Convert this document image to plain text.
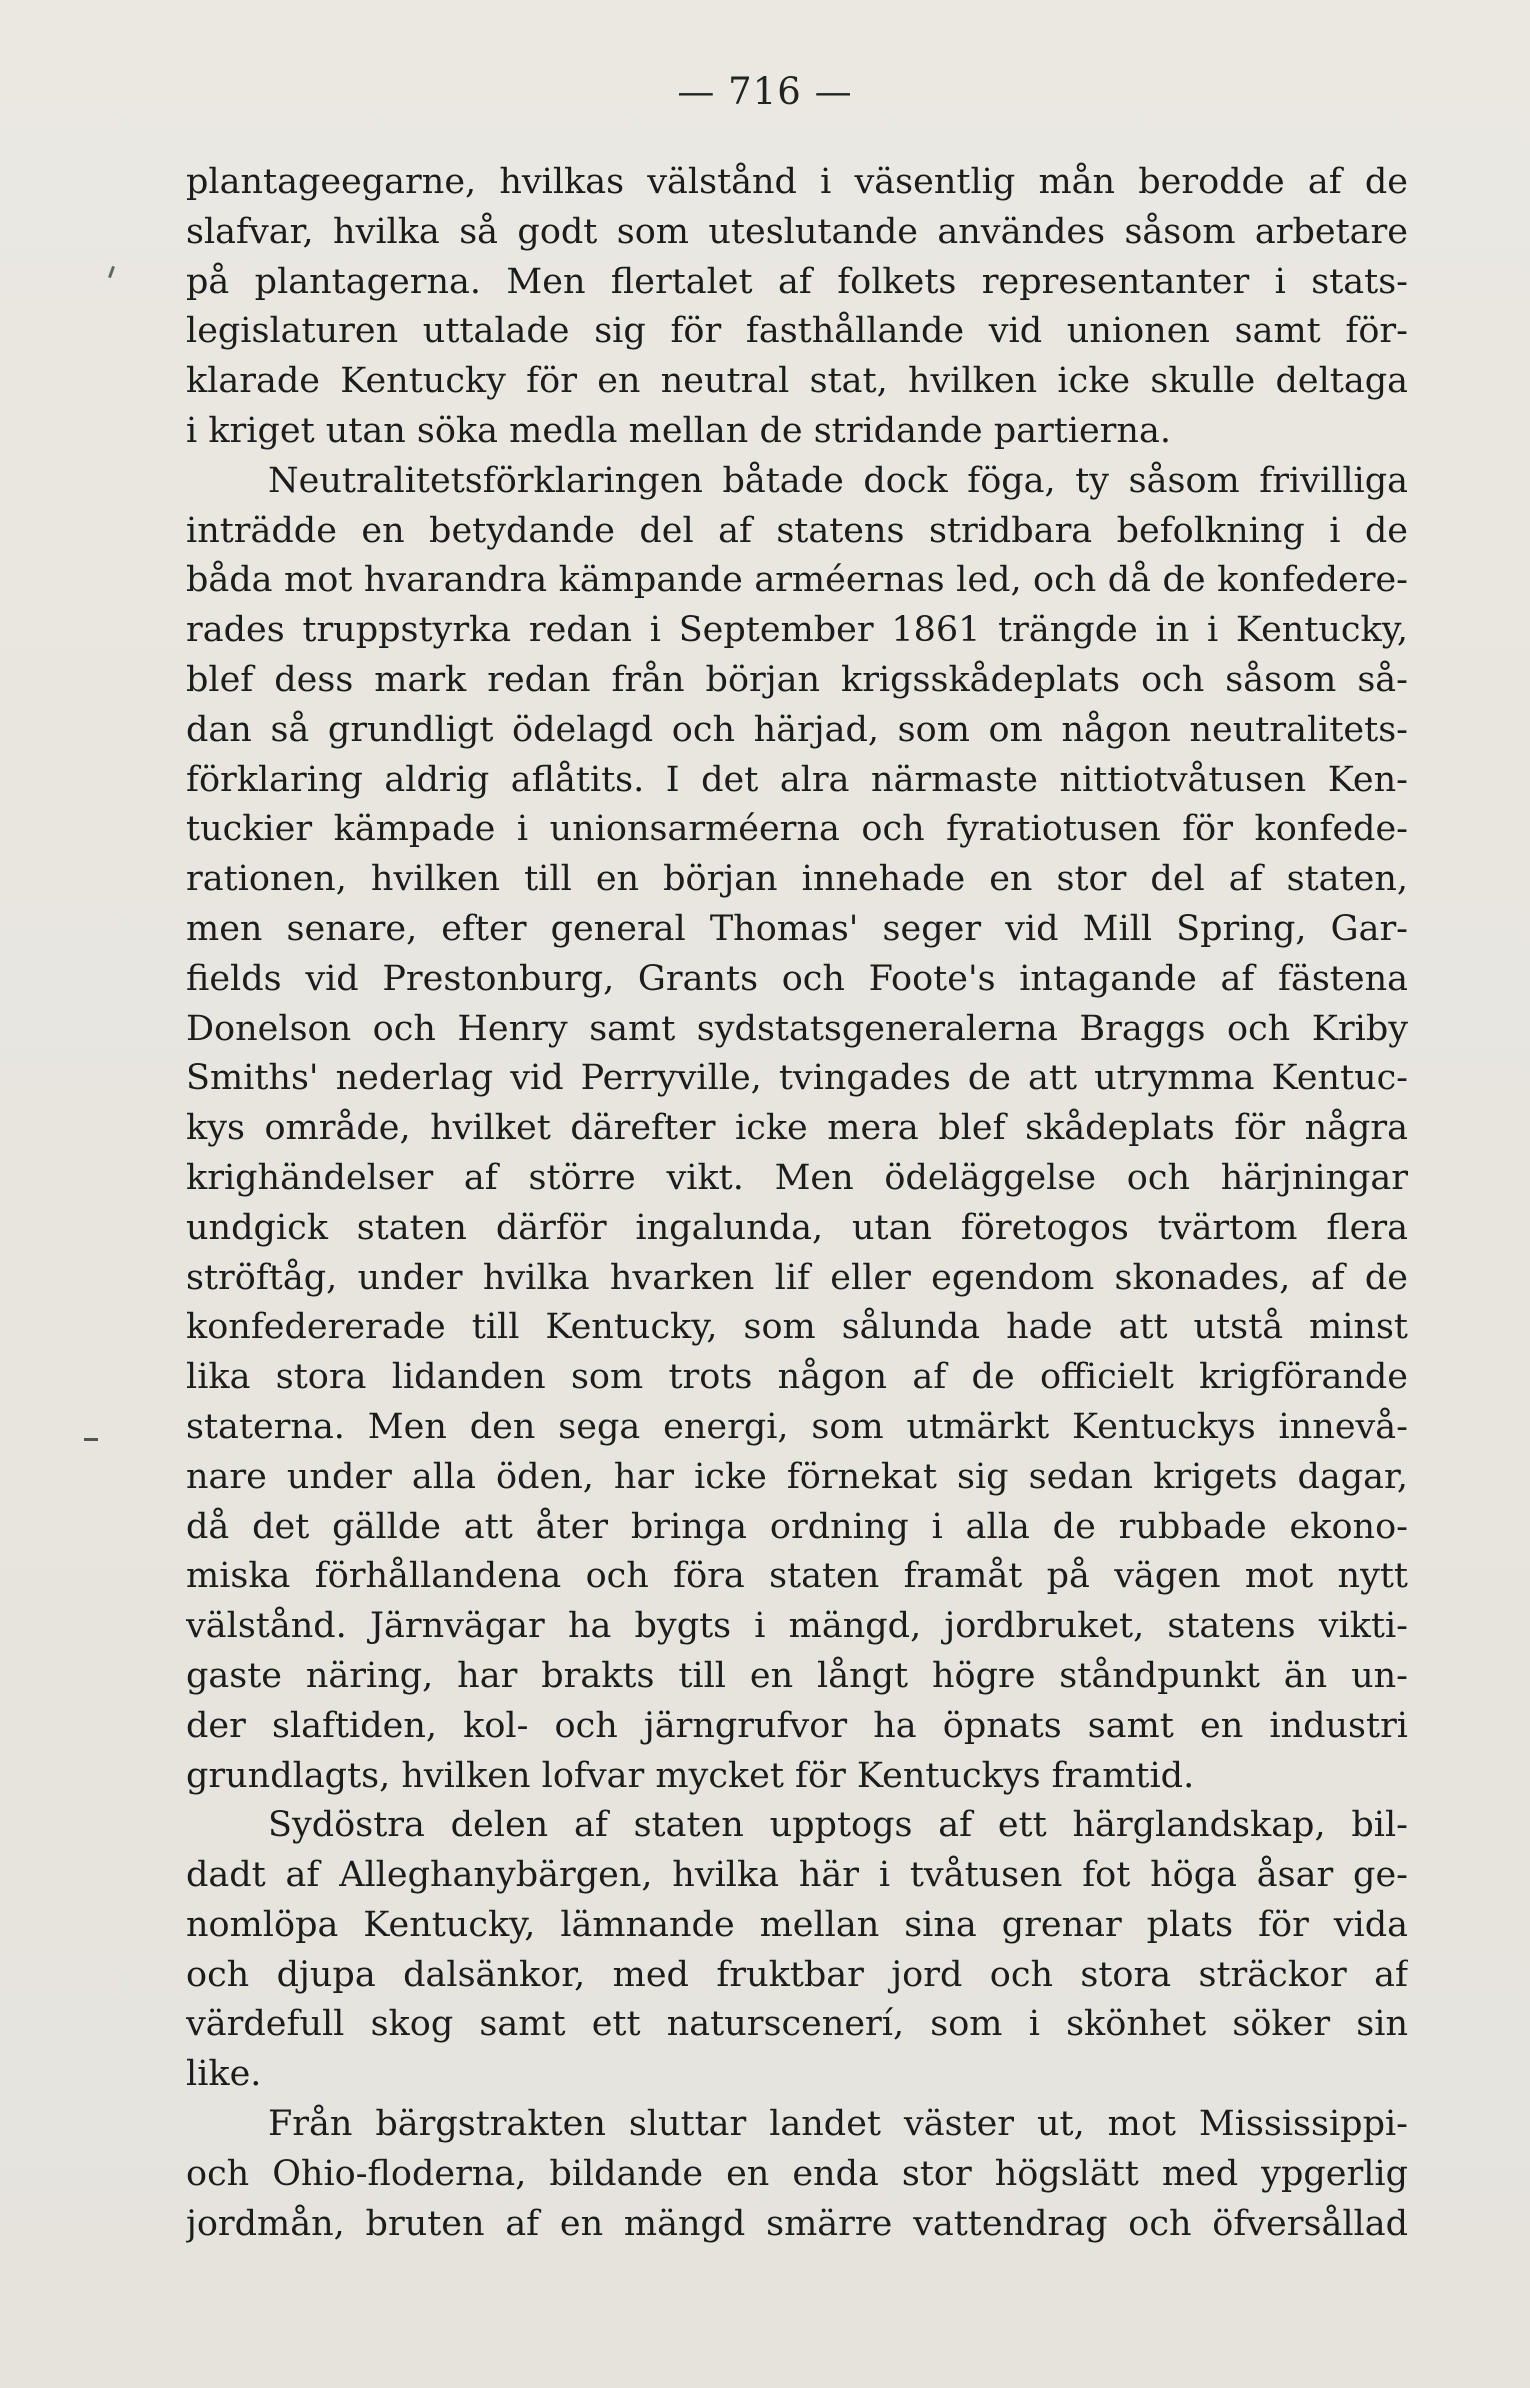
— 716 —
plantageegarne, hvilkas välstånd i väsentlig mån berodde af de
slafvar, hvilka så godt som uteslutande användes såsom arbetare
på plantagerna. Men flertalet af folkets representanter i stats-
legislaturen uttalade sig för fasthållande vid unionen samt för-
klarade Kentucky för en neutral stat, hvilken icke skulle deltaga
i kriget utan söka medla mellan de stridande partierna.
Neutralitetsförklaringen båtade dock föga, ty såsom frivilliga
inträdde en betydande del af statens stridbara befolkning i de
båda mot hvarandra kämpande arméernas led, och då de konfedere-
rades truppstyrka redan i September 1861 trängde in i Kentucky,
blef dess mark redan från början krigsskådeplats och såsom så-
dan så grundligt ödelagd och härjad, som om någon neutralitets-
förklaring aldrig aflåtits. I det alra närmaste nittiotvåtusen Ken-
tuckier kämpade i unionsarméerna och fyratiotusen för konfede-
rationen, hvilken till en början innehade en stor del af staten,
men senare, efter general Thomas' seger vid Mill Spring, Gar-
fields vid Prestonburg, Grants och Foote's intagande af fästena
Donelson och Henry samt sydstatsgeneralerna Braggs och Kriby
Smiths' nederlag vid Perryville, tvingades de att utrymma Kentuc-
kys område, hvilket därefter icke mera blef skådeplats för några
krighändelser af större vikt. Men ödeläggelse och härjningar
undgick staten därför ingalunda, utan företogos tvärtom flera
ströftåg, under hvilka hvarken lif eller egendom skonades, af de
konfedererade till Kentucky, som sålunda hade att utstå minst
lika stora lidanden som trots någon af de officielt krigförande
staterna. Men den sega energi, som utmärkt Kentuckys innevå-
nare under alla öden, har icke förnekat sig sedan krigets dagar,
då det gällde att åter bringa ordning i alla de rubbade ekono-
miska förhållandena och föra staten framåt på vägen mot nytt
välstånd. Järnvägar ha bygts i mängd, jordbruket, statens vikti-
gaste näring, har brakts till en långt högre ståndpunkt än un-
der slaftiden, kol- och järngrufvor ha öpnats samt en industri
grundlagts, hvilken lofvar mycket för Kentuckys framtid.
Sydöstra delen af staten upptogs af ett härglandskap, bil-
dadt af Alleghanybärgen, hvilka här i tvåtusen fot höga åsar ge-
nomlöpa Kentucky, lämnande mellan sina grenar plats för vida
och djupa dalsänkor, med fruktbar jord och stora sträckor af
värdefull skog samt ett naturscenerí, som i skönhet söker sin
like.
Från bärgstrakten sluttar landet väster ut, mot Mississippi-
och Ohio-floderna, bildande en enda stor högslätt med ypgerlig
jordmån, bruten af en mängd smärre vattendrag och öfversållad
